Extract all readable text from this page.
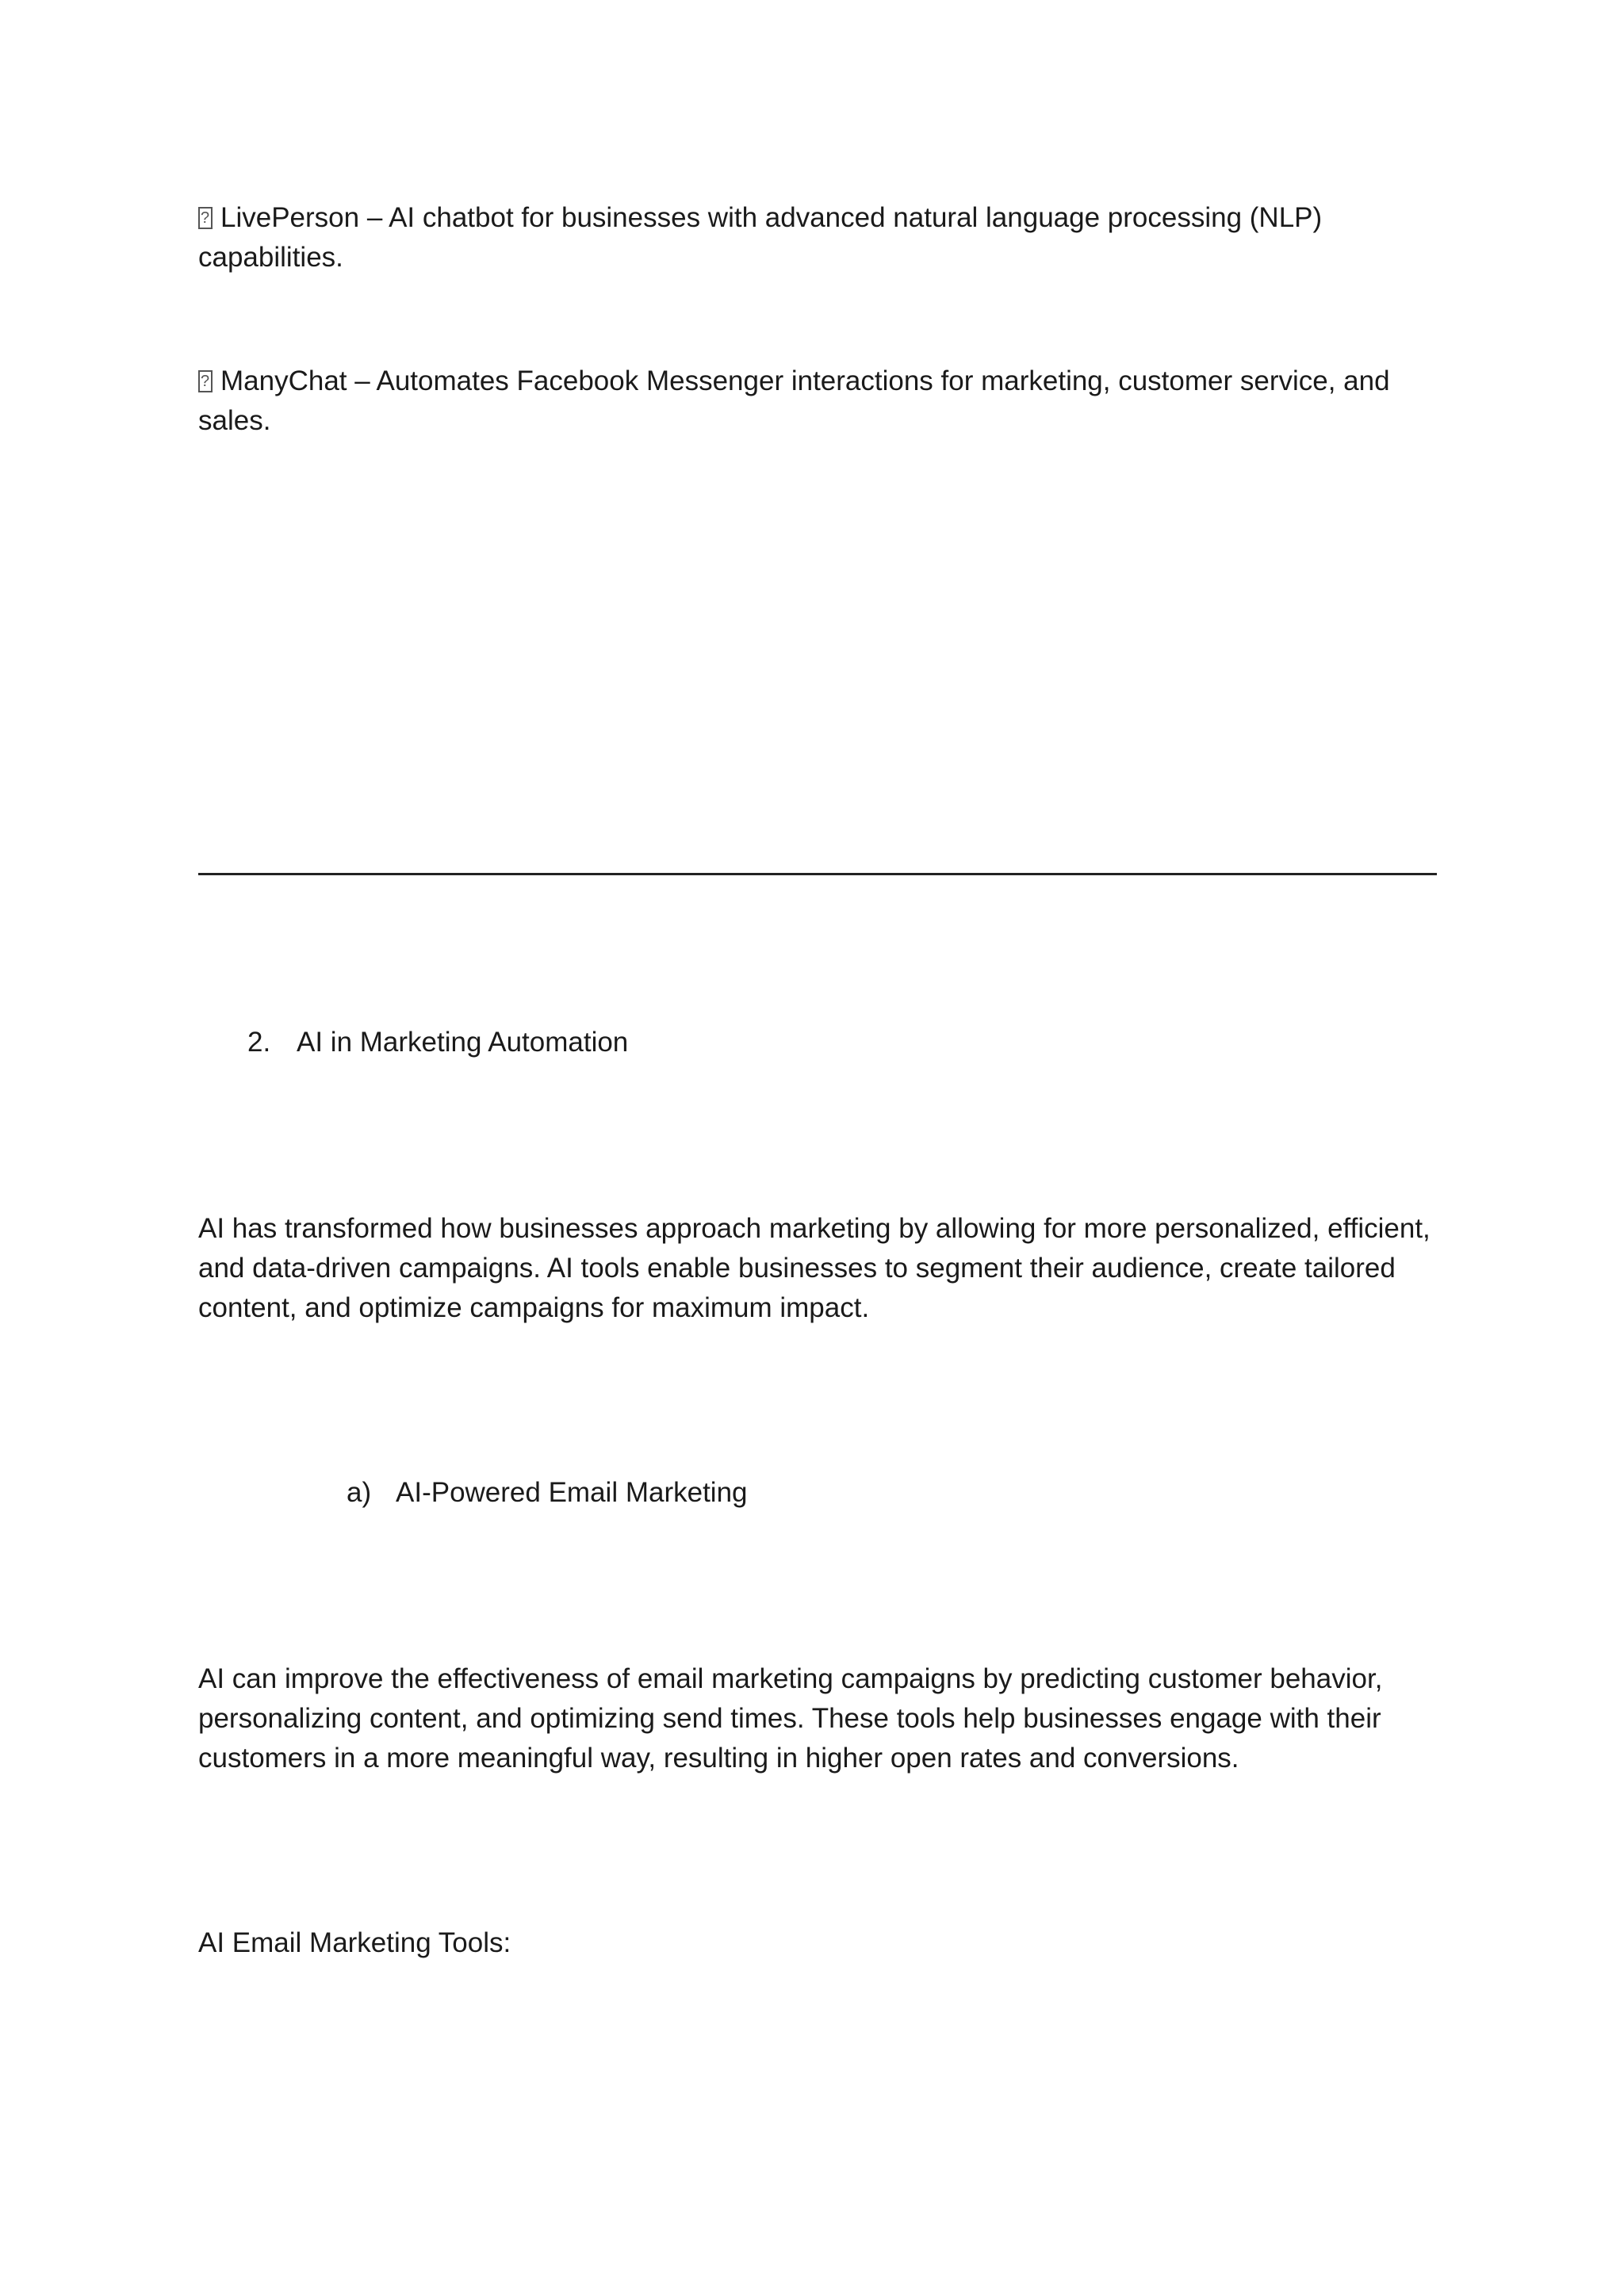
?LivePerson – AI chatbot for businesses with advanced natural language processing (NLP) capabilities.

?ManyChat – Automates Facebook Messenger interactions for marketing, customer service, and sales.

2. AI in Marketing Automation

AI has transformed how businesses approach marketing by allowing for more personalized, efficient, and data-driven campaigns. AI tools enable businesses to segment their audience, create tailored content, and optimize campaigns for maximum impact.

a) AI-Powered Email Marketing

AI can improve the effectiveness of email marketing campaigns by predicting customer behavior, personalizing content, and optimizing send times. These tools help businesses engage with their customers in a more meaningful way, resulting in higher open rates and conversions.

AI Email Marketing Tools:
